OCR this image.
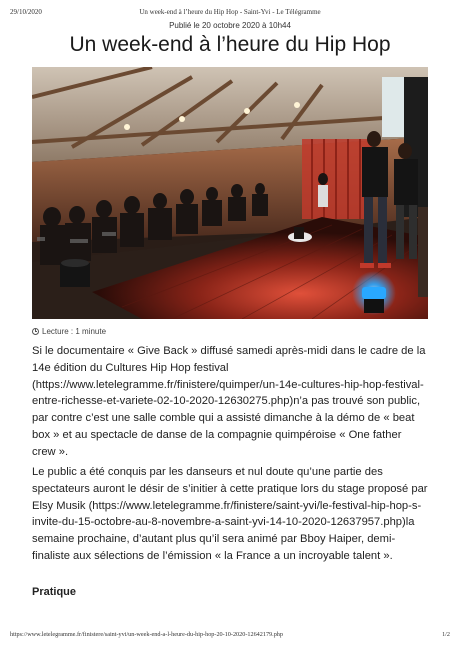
29/10/2020	Un week-end à l’heure du Hip Hop - Saint-Yvi - Le Télégramme
Publié le 20 octobre 2020 à 10h44
Un week-end à l’heure du Hip Hop
Lecture : 1 minute

Si le documentaire « Give Back » diffusé samedi après-midi dans le cadre de la 14e édition du Cultures Hip Hop festival (https://www.letelegramme.fr/finistere/quimper/un-14e-cultures-hip-hop-festival-entre-richesse-et-variete-02-10-2020-12630275.php)n’a pas trouvé son public, par contre c’est une salle comble qui a assisté dimanche à la démo de « beat box » et au spectacle de danse de la compagnie quimpéroise « One father crew ».

Le public a été conquis par les danseurs et nul doute qu’une partie des spectateurs auront le désir de s’initier à cette pratique lors du stage proposé par Elsy Musik (https://www.letelegramme.fr/finistere/saint-yvi/le-festival-hip-hop-s-invite-du-15-octobre-au-8-novembre-a-saint-yvi-14-10-2020-12637957.php)la semaine prochaine, d’autant plus qu’il sera animé par Bboy Haiper, demi-finaliste aux sélections de l’émission « la France a un incroyable talent ».

Pratique
https://www.letelegramme.fr/finistere/saint-yvi/un-week-end-a-l-heure-du-hip-hop-20-10-2020-12642179.php	1/2
